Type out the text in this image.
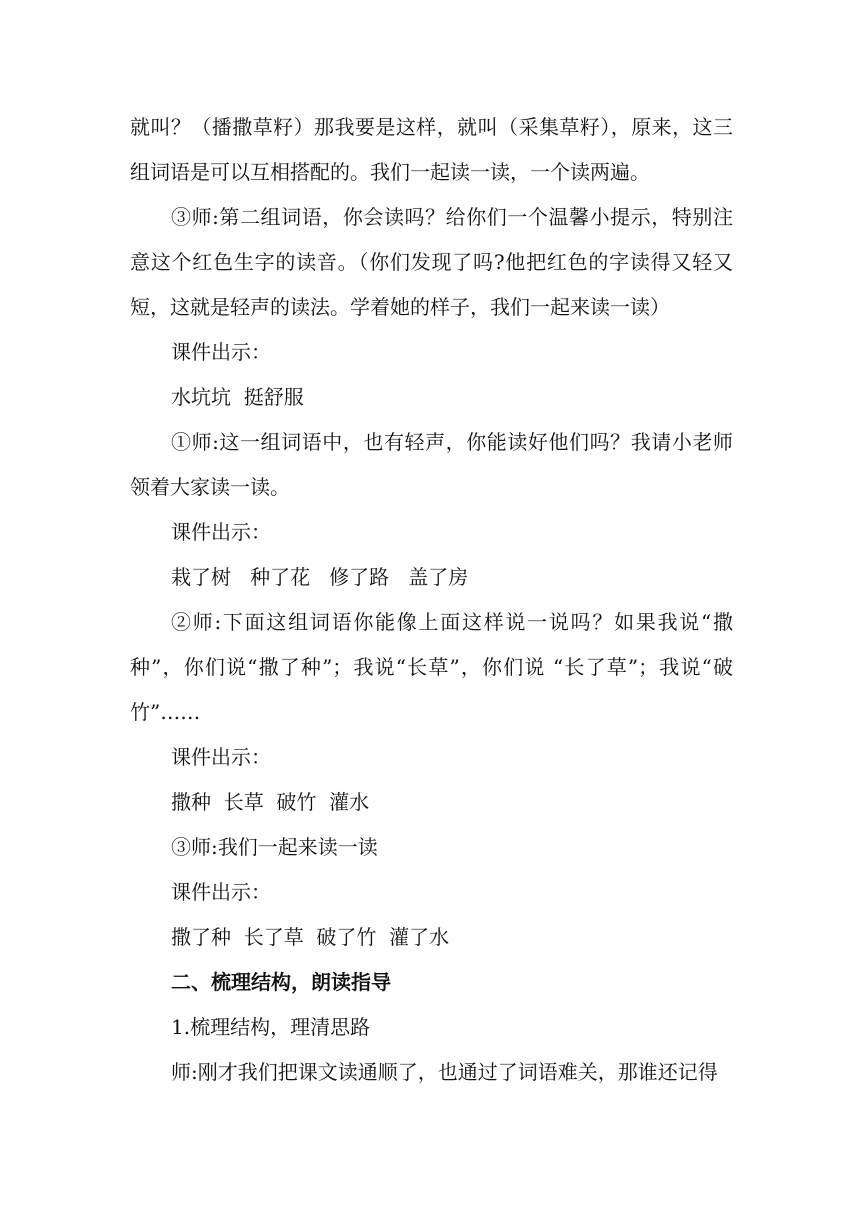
就叫？（播撒草籽）那我要是这样，就叫（采集草籽），原来，这三组词语是可以互相搭配的。我们一起读一读，一个读两遍。

③师:第二组词语，你会读吗？给你们一个温馨小提示，特别注意这个红色生字的读音。（你们发现了吗?他把红色的字读得又轻又短，这就是轻声的读法。学着她的样子，我们一起来读一读）

课件出示：

水坑坑  挺舒服

①师:这一组词语中，也有轻声，你能读好他们吗？我请小老师领着大家读一读。

课件出示：

栽了树   种了花   修了路   盖了房

②师:下面这组词语你能像上面这样说一说吗？如果我说“撒种”，你们说“撒了种”；我说“长草”，你们说 “长了草”；我说“破竹”……

课件出示：

撒种  长草  破竹  灌水

③师:我们一起来读一读

课件出示：

撒了种  长了草  破了竹  灌了水

二、梳理结构，朗读指导

1.梳理结构，理清思路

师:刚才我们把课文读通顺了，也通过了词语难关，那谁还记得
